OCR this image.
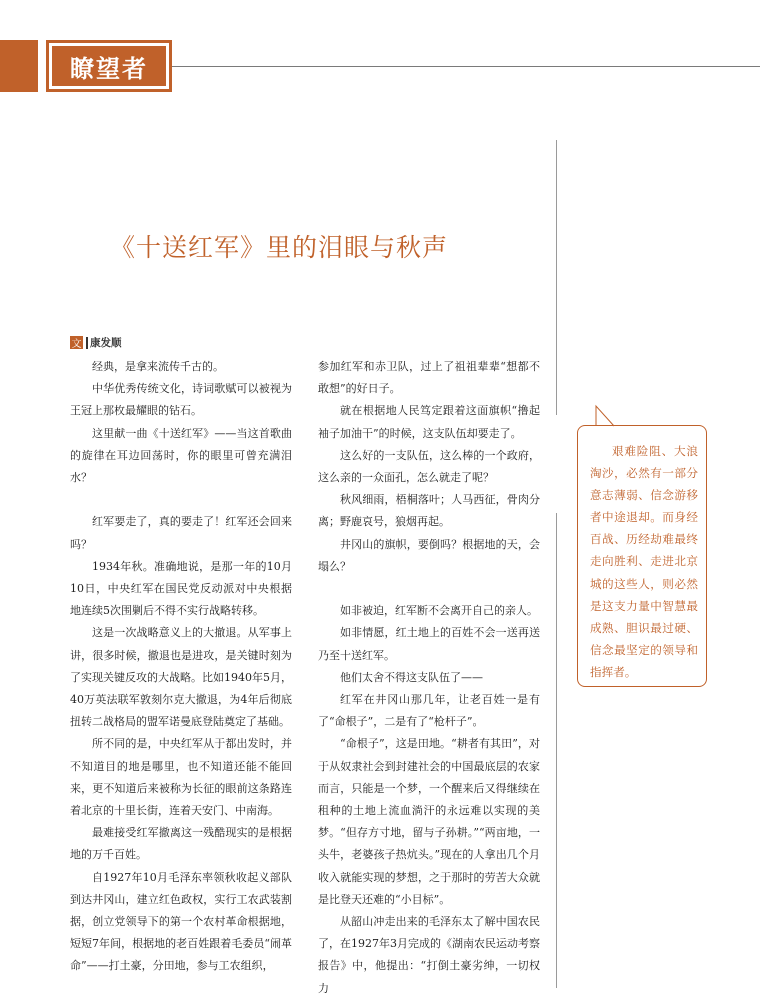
瞭望者
《十送红军》里的泪眼与秋声
文 康发顺

经典，是拿来流传千古的。

中华优秀传统文化，诗词歌赋可以被视为王冠上那枚最耀眼的钻石。

这里献一曲《十送红军》——当这首歌曲的旋律在耳边回荡时，你的眼里可曾充满泪水？

红军要走了，真的要走了！红军还会回来吗？

1934年秋。准确地说，是那一年的10月10日，中央红军在国民党反动派对中央根据地连续5次围剿后不得不实行战略转移。

这是一次战略意义上的大撤退。从军事上讲，很多时候，撤退也是进攻，是关键时刻为了实现关键反攻的大战略。比如1940年5月，40万英法联军敦刻尔克大撤退，为4年后彻底扭转二战格局的盟军诺曼底登陆奠定了基础。

所不同的是，中央红军从于都出发时，并不知道目的地是哪里，也不知道还能不能回来，更不知道后来被称为长征的眼前这条路连着北京的十里长街，连着天安门、中南海。

最难接受红军撤离这一残酷现实的是根据地的万千百姓。

自1927年10月毛泽东率领秋收起义部队到达井冈山，建立红色政权，实行工农武装割据，创立党领导下的第一个农村革命根据地，短短7年间，根据地的老百姓跟着毛委员“闹革命”——打土豪，分田地，参与工农组织，

参加红军和赤卫队，过上了祖祖辈辈“想都不敢想”的好日子。

就在根据地人民笃定跟着这面旗帜“撸起袖子加油干”的时候，这支队伍却要走了。

这么好的一支队伍，这么棒的一个政府，这么亲的一众面孔，怎么就走了呢？

秋风细雨，梧桐落叶；人马西征，骨肉分离；野鹿哀号，狼烟再起。

井冈山的旗帜，要倒吗？根据地的天，会塌么？

如非被迫，红军断不会离开自己的亲人。

如非情愿，红土地上的百姓不会一送再送乃至十送红军。

他们太舍不得这支队伍了——

红军在井冈山那几年，让老百姓一是有了“命根子”，二是有了“枪杆子”。

“命根子”，这是田地。“耕者有其田”，对于从奴隶社会到封建社会的中国最底层的农家而言，只能是一个梦，一个醒来后又得继续在租种的土地上流血淌汗的永远难以实现的美梦。“但存方寸地，留与子孙耕。”“两亩地，一头牛，老婆孩子热炕头。”现在的人拿出几个月收入就能实现的梦想，之于那时的劳苦大众就是比登天还难的“小目标”。

从韶山冲走出来的毛泽东太了解中国农民了，在1927年3月完成的《湖南农民运动考察报告》中，他提出：“打倒土豪劣绅，一切权力

艰难险阻、大浪淘沙，必然有一部分意志薄弱、信念游移者中途退却。而身经百战、历经劫难最终走向胜利、走进北京城的这些人，则必然是这支力量中智慧最成熟、胆识最过硬、信念最坚定的领导和指挥者。
